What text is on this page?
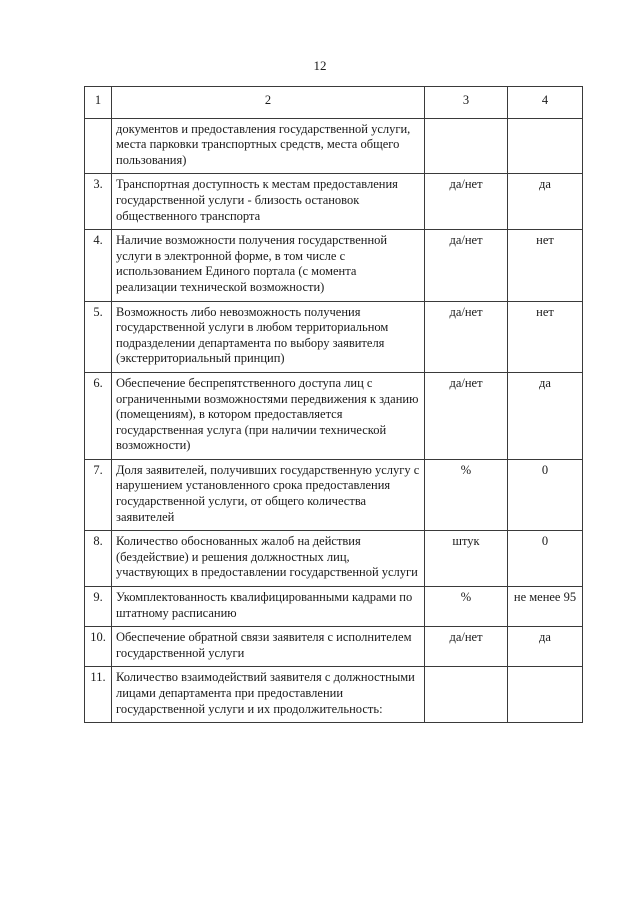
12
1	2	3	4
	документов и предоставления государственной услуги, места парковки транспортных средств, места общего пользования)		
3.	Транспортная доступность к местам предоставления государственной услуги - близость остановок общественного транспорта	да/нет	да
4.	Наличие возможности получения государственной услуги в электронной форме, в том числе с использованием Единого портала (с момента реализации технической возможности)	да/нет	нет
5.	Возможность либо невозможность получения государственной услуги в любом территориальном подразделении департамента по выбору заявителя (экстерриториальный принцип)	да/нет	нет
6.	Обеспечение беспрепятственного доступа лиц с ограниченными возможностями передвижения к зданию (помещениям), в котором предоставляется государственная услуга (при наличии технической возможности)	да/нет	да
7.	Доля заявителей, получивших государственную услугу с нарушением установленного срока предоставления государственной услуги, от общего количества заявителей	%	0
8.	Количество обоснованных жалоб на действия (бездействие) и решения должностных лиц, участвующих в предоставлении государственной услуги	штук	0
9.	Укомплектованность квалифицированными кадрами по штатному расписанию	%	не менее 95
10.	Обеспечение обратной связи заявителя с исполнителем государственной услуги	да/нет	да
11.	Количество взаимодействий заявителя с должностными лицами департамента при предоставлении государственной услуги и их продолжительность:		
